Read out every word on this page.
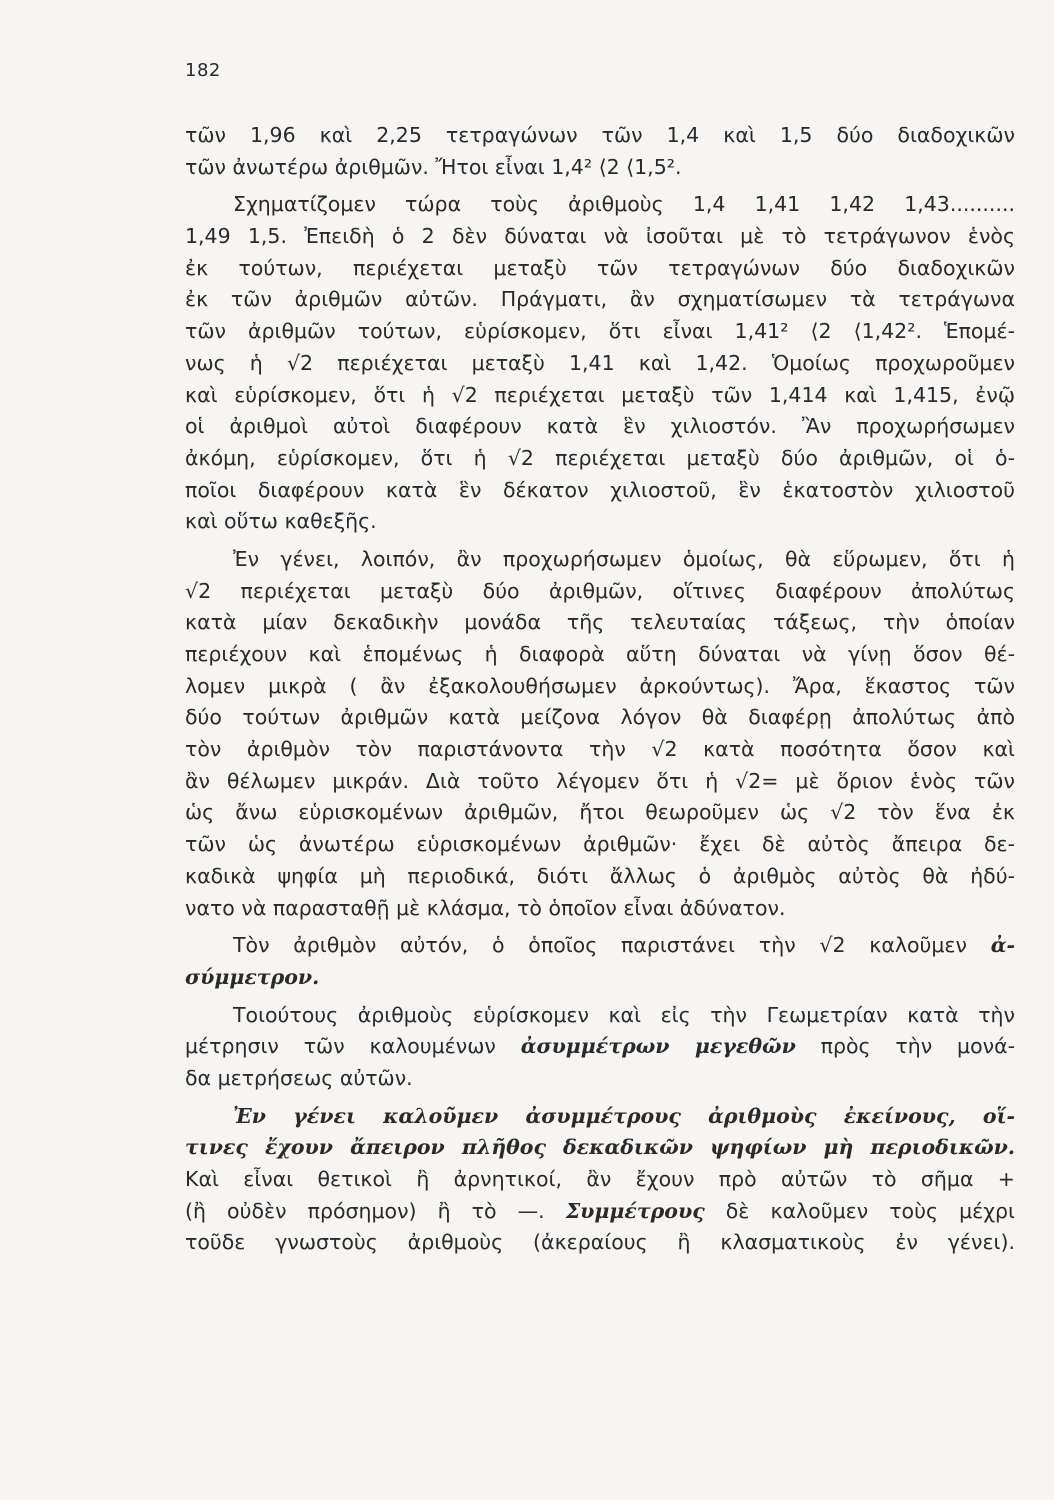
182
τῶν 1,96 καὶ 2,25 τετραγώνων τῶν 1,4 καὶ 1,5 δύο διαδοχικῶν
τῶν ἀνωτέρω ἀριθμῶν. Ἤτοι εἶναι 1,4² ⟨2 ⟨1,5².
Σχηματίζομεν τώρα τοὺς ἀριθμοὺς 1,4 1,41 1,42 1,43..........
1,49 1,5. Ἐπειδὴ ὁ 2 δὲν δύναται νὰ ἰσοῦται μὲ τὸ τετράγωνον ἑνὸς
ἐκ τούτων, περιέχεται μεταξὺ τῶν τετραγώνων δύο διαδοχικῶν
ἐκ τῶν ἀριθμῶν αὐτῶν. Πράγματι, ἂν σχηματίσωμεν τὰ τετράγωνα
τῶν ἀριθμῶν τούτων, εὑρίσκομεν, ὅτι εἶναι 1,41² ⟨2 ⟨1,42². Ἑπομέ-
νως ἡ √2 περιέχεται μεταξὺ 1,41 καὶ 1,42. Ὁμοίως προχωροῦμεν
καὶ εὑρίσκομεν, ὅτι ἡ √2 περιέχεται μεταξὺ τῶν 1,414 καὶ 1,415, ἐνῷ
οἱ ἀριθμοὶ αὐτοὶ διαφέρουν κατὰ ἓν χιλιοστόν. Ἂν προχωρήσωμεν
ἀκόμη, εὑρίσκομεν, ὅτι ἡ √2 περιέχεται μεταξὺ δύο ἀριθμῶν, οἱ ὁ-
ποῖοι διαφέρουν κατὰ ἓν δέκατον χιλιοστοῦ, ἓν ἑκατοστὸν χιλιοστοῦ
καὶ οὕτω καθεξῆς.
Ἐν γένει, λοιπόν, ἂν προχωρήσωμεν ὁμοίως, θὰ εὕρωμεν, ὅτι ἡ
√2 περιέχεται μεταξὺ δύο ἀριθμῶν, οἵτινες διαφέρουν ἀπολύτως
κατὰ μίαν δεκαδικὴν μονάδα τῆς τελευταίας τάξεως, τὴν ὁποίαν
περιέχουν καὶ ἑπομένως ἡ διαφορὰ αὕτη δύναται νὰ γίνῃ ὅσον θέ-
λομεν μικρὰ ( ἂν ἐξακολουθήσωμεν ἀρκούντως). Ἄρα, ἕκαστος τῶν
δύο τούτων ἀριθμῶν κατὰ μείζονα λόγον θὰ διαφέρῃ ἀπολύτως ἀπὸ
τὸν ἀριθμὸν τὸν παριστάνοντα τὴν √2 κατὰ ποσότητα ὅσον καὶ
ἂν θέλωμεν μικράν. Διὰ τοῦτο λέγομεν ὅτι ἡ √2= μὲ ὅριον ἑνὸς τῶν
ὡς ἄνω εὑρισκομένων ἀριθμῶν, ἤτοι θεωροῦμεν ὡς √2 τὸν ἕνα ἐκ
τῶν ὡς ἀνωτέρω εὑρισκομένων ἀριθμῶν· ἔχει δὲ αὐτὸς ἄπειρα δε-
καδικὰ ψηφία μὴ περιοδικά, διότι ἄλλως ὁ ἀριθμὸς αὐτὸς θὰ ἠδύ-
νατο νὰ παρασταθῇ μὲ κλάσμα, τὸ ὁποῖον εἶναι ἀδύνατον.
Τὸν ἀριθμὸν αὐτόν, ὁ ὁποῖος παριστάνει τὴν √2 καλοῦμεν ἀ-
σύμμετρον.
Τοιούτους ἀριθμοὺς εὑρίσκομεν καὶ εἰς τὴν Γεωμετρίαν κατὰ τὴν
μέτρησιν τῶν καλουμένων ἀσυμμέτρων μεγεθῶν πρὸς τὴν μονά-
δα μετρήσεως αὐτῶν.
Ἐν γένει καλοῦμεν ἀσυμμέτρους ἀριθμοὺς ἐκείνους, οἵ-
τινες ἔχουν ἄπειρον πλῆθος δεκαδικῶν ψηφίων μὴ περιοδικῶν.
Καὶ εἶναι θετικοὶ ἢ ἀρνητικοί, ἂν ἔχουν πρὸ αὐτῶν τὸ σῆμα +
(ἢ οὐδὲν πρόσημον) ἢ τὸ —. Συμμέτρους δὲ καλοῦμεν τοὺς μέχρι
τοῦδε γνωστοὺς ἀριθμοὺς (ἀκεραίους ἢ κλασματικοὺς ἐν γένει).
